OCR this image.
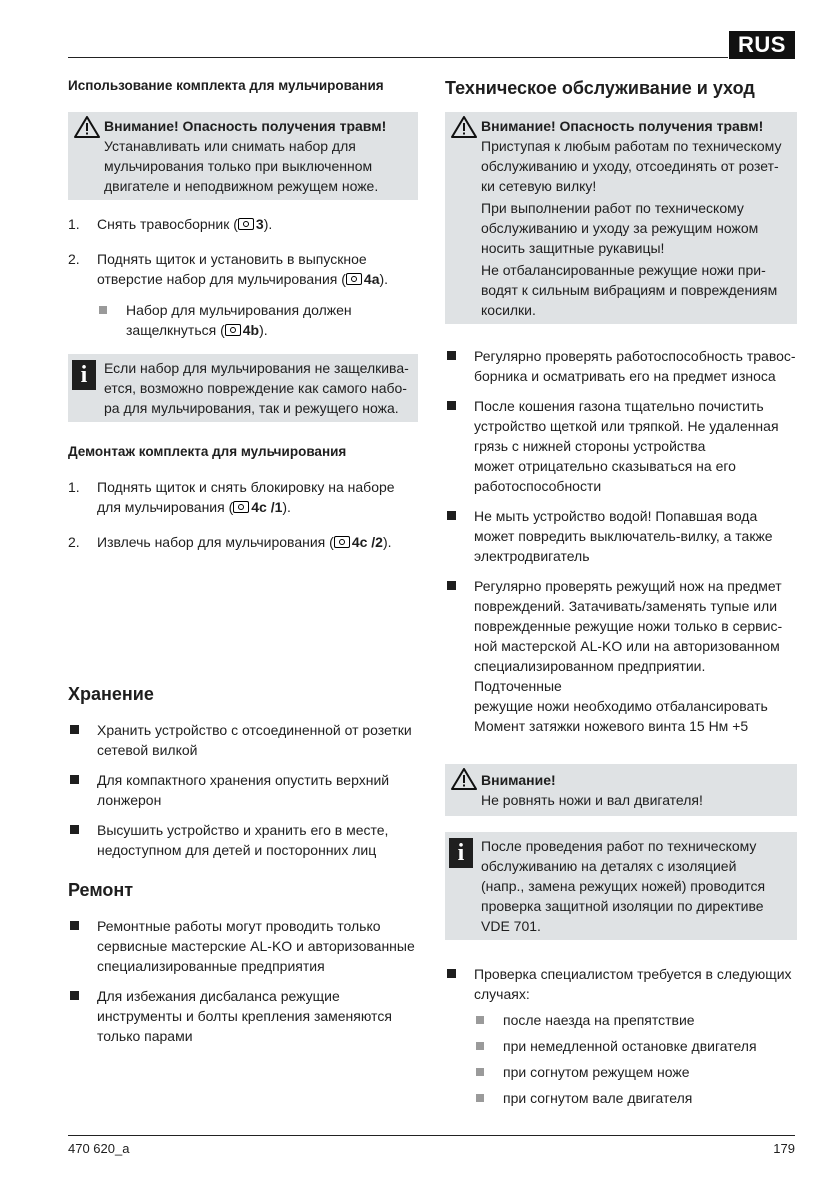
RUS
Использование комплекта для мульчирования
Внимание! Опасность получения травм!
Устанавливать или снимать набор для
мульчирования только при выключенном
двигателе и неподвижном режущем ноже.
1. Снять травосборник ( 3).
2. Поднять щиток и установить в выпускное отверстие набор для мульчирования ( 4a).
Набор для мульчирования должен защелкнуться ( 4b).
i	Если набор для мульчирования не защелкива-
ется, возможно повреждение как самого набо-
ра для мульчирования, так и режущего ножа.
Демонтаж комплекта для мульчирования
1. Поднять щиток и снять блокировку на наборе для мульчирования ( 4c /1).
2. Извлечь набор для мульчирования ( 4c /2).
Хранение
Хранить устройство с отсоединенной от розетки сетевой вилкой
Для компактного хранения опустить верхний лонжерон
Высушить устройство и хранить его в месте, недоступном для детей и посторонних лиц
Ремонт
Ремонтные работы могут проводить только сервисные мастерские AL-KO и авторизованные специализированные предприятия
Для избежания дисбаланса режущие инструменты и болты крепления заменяются только парами
Техническое обслуживание и уход
Внимание! Опасность получения травм!
Приступая к любым работам по техническому
обслуживанию и уходу, отсоединять от розет-
ки сетевую вилку!
При выполнении работ по техническому
обслуживанию и уходу за режущим ножом
носить защитные рукавицы!
Не отбалансированные режущие ножи при-
водят к сильным вибрациям и повреждениям
косилки.
Регулярно проверять работоспособность травос-
борника и осматривать его на предмет износа
После кошения газона тщательно почистить
устройство щеткой или тряпкой. Не удаленная
грязь с нижней стороны устройства
может отрицательно сказываться на его
работоспособности
Не мыть устройство водой! Попавшая вода
может повредить выключатель-вилку, а также
электродвигатель
Регулярно проверять режущий нож на предмет
повреждений. Затачивать/заменять тупые или
поврежденные режущие ножи только в сервис-
ной мастерской AL-KO или на авторизованном
специализированном предприятии. Подточенные
режущие ножи необходимо отбалансировать
Момент затяжки ножевого винта 15 Нм +5
Внимание!
Не ровнять ножи и вал двигателя!
i	После проведения работ по техническому
обслуживанию на деталях с изоляцией
(напр., замена режущих ножей) проводится
проверка защитной изоляции по директиве
VDE 701.
Проверка специалистом требуется в следующих
случаях:
после наезда на препятствие
при немедленной остановке двигателя
при согнутом режущем ноже
при согнутом вале двигателя
470 620_a	179
